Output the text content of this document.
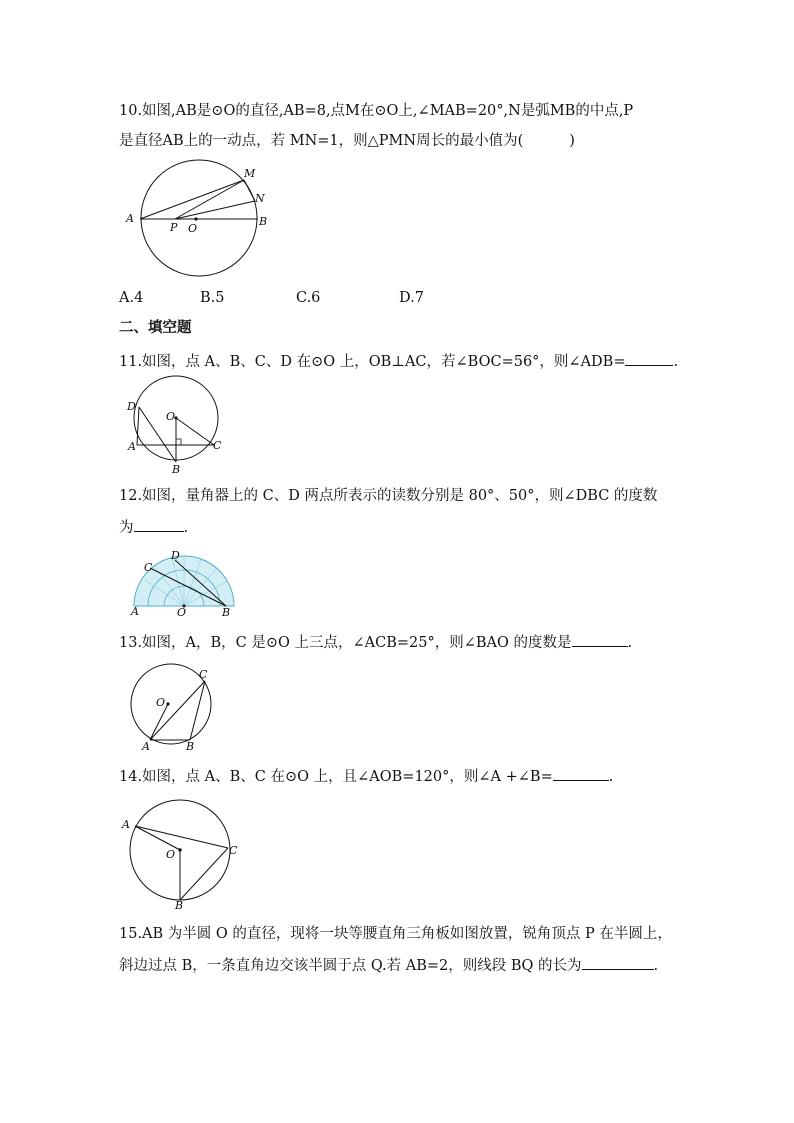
10.如图,AB是⊙O的直径,AB=8,点M在⊙O上,∠MAB=20°,N是弧MB的中点,P
是直径AB上的一动点，若 MN=1，则△PMN周长的最小值为(	)
A	B
M
N
P O
A.4	B.5	C.6	D.7
二、填空题
11.如图，点 A、B、C、D 在⊙O 上，OB⊥AC，若∠BOC=56°，则∠ADB=	.
D
A
B
C
O
12.如图，量角器上的 C、D 两点所表示的读数分别是 80°、50°，则∠DBC 的度数
为	.
D
C
A	O	B
13.如图，A，B，C 是⊙O 上三点，∠ACB=25°，则∠BAO 的度数是	.
C
O
A	B
14.如图，点 A、B、C 在⊙O 上，且∠AOB=120°，则∠A +∠B=	.
A
O	C
B
15.AB 为半圆 O 的直径，现将一块等腰直角三角板如图放置，锐角顶点 P 在半圆上，
斜边过点 B，一条直角边交该半圆于点 Q.若 AB=2，则线段 BQ 的长为	.
